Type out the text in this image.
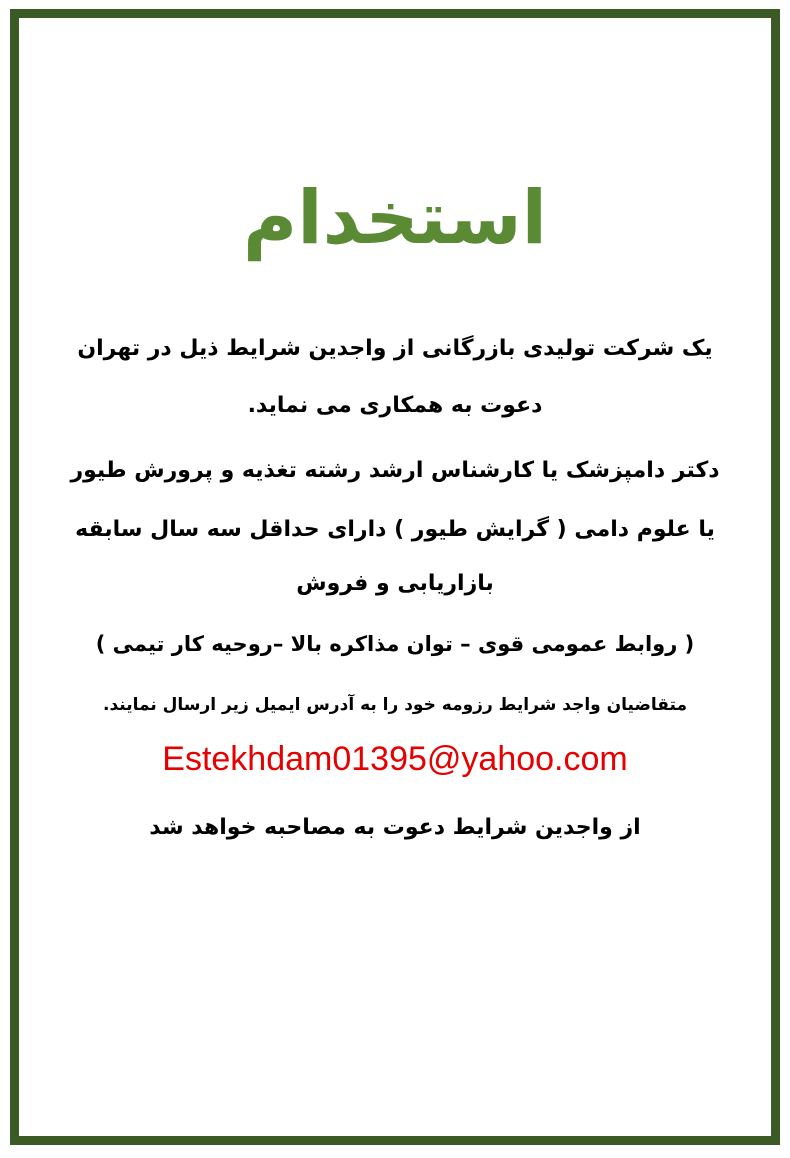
استخدام

یک شرکت تولیدی بازرگانی از واجدین شرایط ذیل در تهران

دعوت به همکاری می نماید.

دکتر دامپزشک یا کارشناس ارشد رشته تغذیه و پرورش طیور

یا علوم دامی ( گرایش طیور ) دارای حداقل سه سال سابقه

بازاریابی و فروش

( روابط عمومی قوی – توان مذاکره بالا –روحیه کار تیمی )

متقاضیان واجد شرایط رزومه خود را به آدرس ایمیل زیر ارسال نمایند.

Estekhdam01395@yahoo.com

از واجدین شرایط دعوت به مصاحبه خواهد شد
